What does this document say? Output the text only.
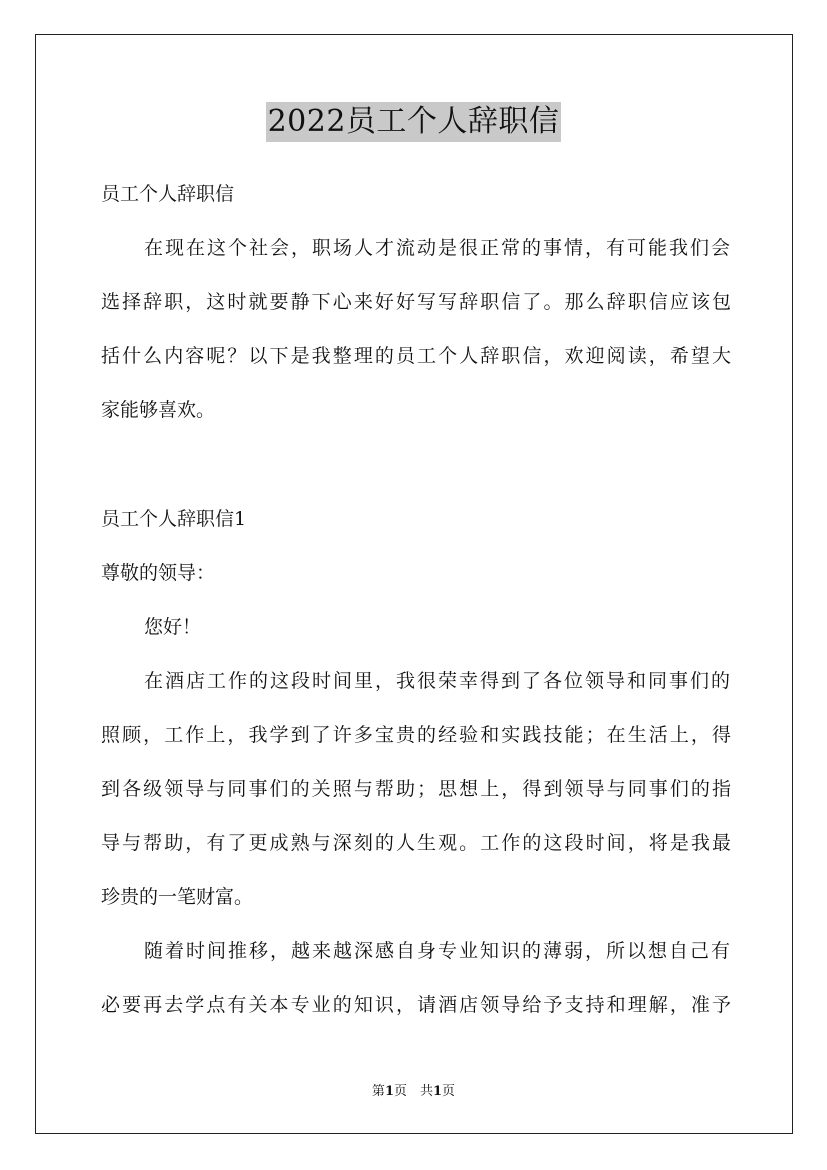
2022员工个人辞职信
员工个人辞职信
在现在这个社会，职场人才流动是很正常的事情，有可能我们会
选择辞职，这时就要静下心来好好写写辞职信了。那么辞职信应该包
括什么内容呢？以下是我整理的员工个人辞职信，欢迎阅读，希望大
家能够喜欢。
员工个人辞职信1
尊敬的领导：
您好！
在酒店工作的这段时间里，我很荣幸得到了各位领导和同事们的
照顾，工作上，我学到了许多宝贵的经验和实践技能；在生活上，得
到各级领导与同事们的关照与帮助；思想上，得到领导与同事们的指
导与帮助，有了更成熟与深刻的人生观。工作的这段时间，将是我最
珍贵的一笔财富。
随着时间推移，越来越深感自身专业知识的薄弱，所以想自己有
必要再去学点有关本专业的知识，请酒店领导给予支持和理解，准予
第1页　共1页
